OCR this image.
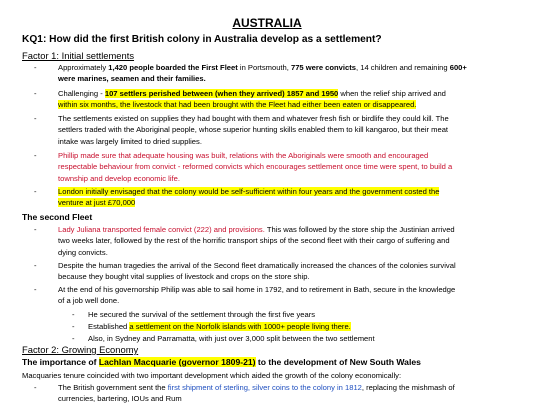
AUSTRALIA
KQ1: How did the first British colony in Australia develop as a settlement?
Factor 1: Initial settlements
-	Approximately 1,420 people boarded the First Fleet in Portsmouth, 775 were convicts, 14 children and remaining 600+
were marines, seamen and their families.
-	Challenging - 107 settlers perished between (when they arrived) 1857 and 1950 when the relief ship arrived and
within six months, the livestock that had been brought with the Fleet had either been eaten or disappeared.
-	The settlements existed on supplies they had bought with them and whatever fresh fish or birdlife they could kill. The
settlers traded with the Aboriginal people, whose superior hunting skills enabled them to kill kangaroo, but their meat
intake was largely limited to dried supplies.
-	Phillip made sure that adequate housing was built, relations with the Aboriginals were smooth and encouraged
respectable behaviour from convict - reformed convicts which encourages settlement once time were spent, to build a
township and develop economic life.
-	London initially envisaged that the colony would be self-sufficient within four years and the government costed the
venture at just £70,000
The second Fleet
-	Lady Juliana transported female convict (222) and provisions. This was followed by the store ship the Justinian arrived
two weeks later, followed by the rest of the horrific transport ships of the second fleet with their cargo of suffering and
dying convicts.
-	Despite the human tragedies the arrival of the Second fleet dramatically increased the chances of the colonies survival
because they bought vital supplies of livestock and crops on the store ship.
-	At the end of his governorship Philip was able to sail home in 1792, and to retirement in Bath, secure in the knowledge
of a job well done.
- He secured the survival of the settlement through the first five years
- Established a settlement on the Norfolk islands with 1000+ people living there.
- Also, in Sydney and Parramatta, with just over 3,000 split between the two settlement
Factor 2: Growing Economy
The importance of Lachlan Macquarie (governor 1809-21) to the development of New South Wales
Macquaries tenure coincided with two important development which aided the growth of the colony economically:
-	The British government sent the first shipment of sterling, silver coins to the colony in 1812, replacing the mishmash of
currencies, bartering, IOUs and Rum
